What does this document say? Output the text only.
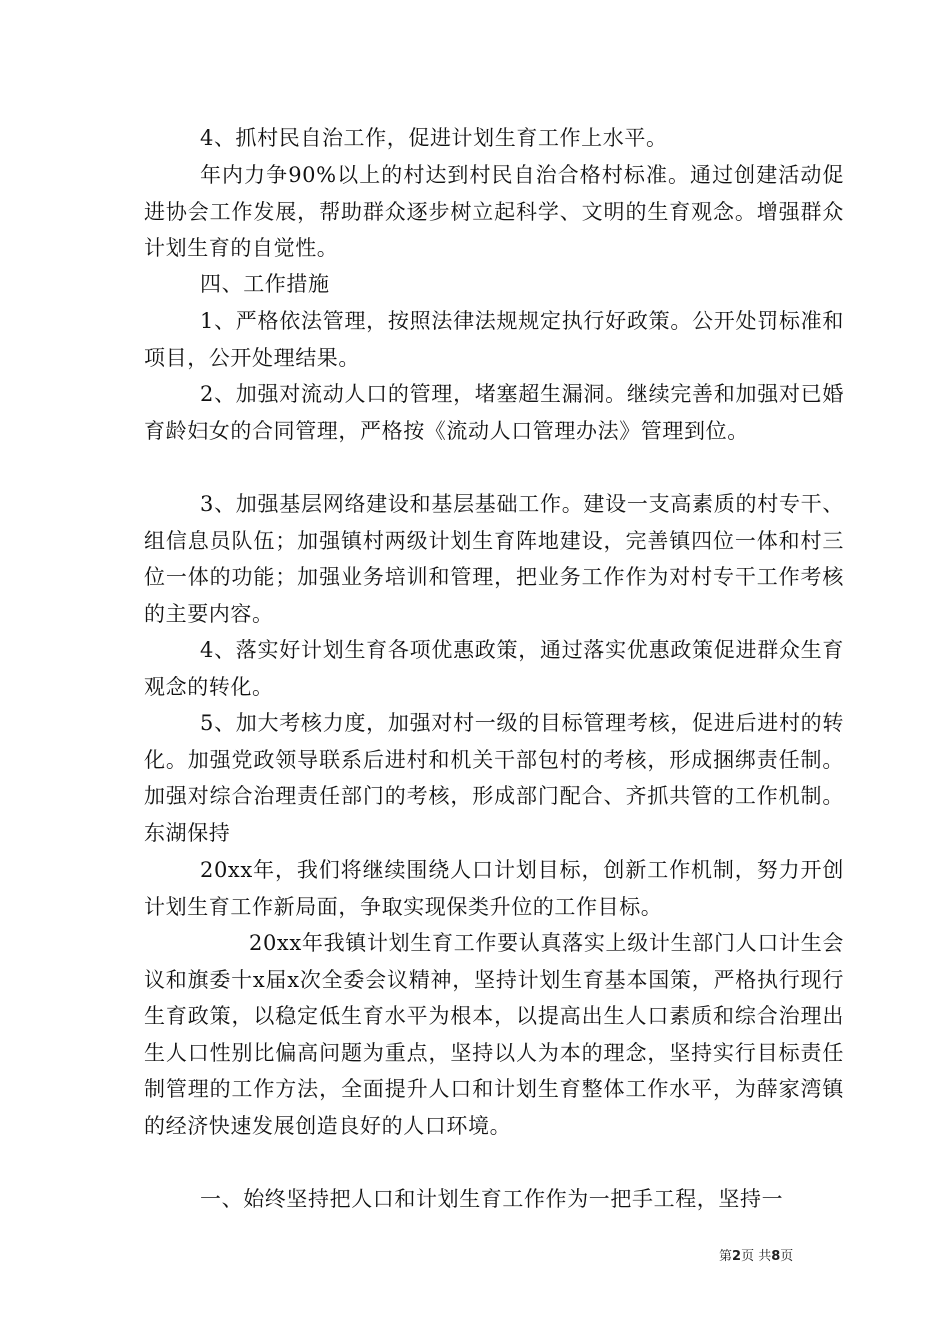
4、抓村民自治工作，促进计划生育工作上水平。

年内力争90%以上的村达到村民自治合格村标准。通过创建活动促进协会工作发展，帮助群众逐步树立起科学、文明的生育观念。增强群众计划生育的自觉性。

四、工作措施

1、严格依法管理，按照法律法规规定执行好政策。公开处罚标准和项目，公开处理结果。

2、加强对流动人口的管理，堵塞超生漏洞。继续完善和加强对已婚育龄妇女的合同管理，严格按《流动人口管理办法》管理到位。

3、加强基层网络建设和基层基础工作。建设一支高素质的村专干、组信息员队伍；加强镇村两级计划生育阵地建设，完善镇四位一体和村三位一体的功能；加强业务培训和管理，把业务工作作为对村专干工作考核的主要内容。

4、落实好计划生育各项优惠政策，通过落实优惠政策促进群众生育观念的转化。

5、加大考核力度，加强对村一级的目标管理考核，促进后进村的转化。加强党政领导联系后进村和机关干部包村的考核，形成捆绑责任制。加强对综合治理责任部门的考核，形成部门配合、齐抓共管的工作机制。东湖保持

20xx年，我们将继续围绕人口计划目标，创新工作机制，努力开创计划生育工作新局面，争取实现保类升位的工作目标。

20xx年我镇计划生育工作要认真落实上级计生部门人口计生会议和旗委十x届x次全委会议精神，坚持计划生育基本国策，严格执行现行生育政策，以稳定低生育水平为根本，以提高出生人口素质和综合治理出生人口性别比偏高问题为重点，坚持以人为本的理念，坚持实行目标责任制管理的工作方法，全面提升人口和计划生育整体工作水平，为薛家湾镇的经济快速发展创造良好的人口环境。

一、始终坚持把人口和计划生育工作作为一把手工程，坚持一

第2页 共8页
